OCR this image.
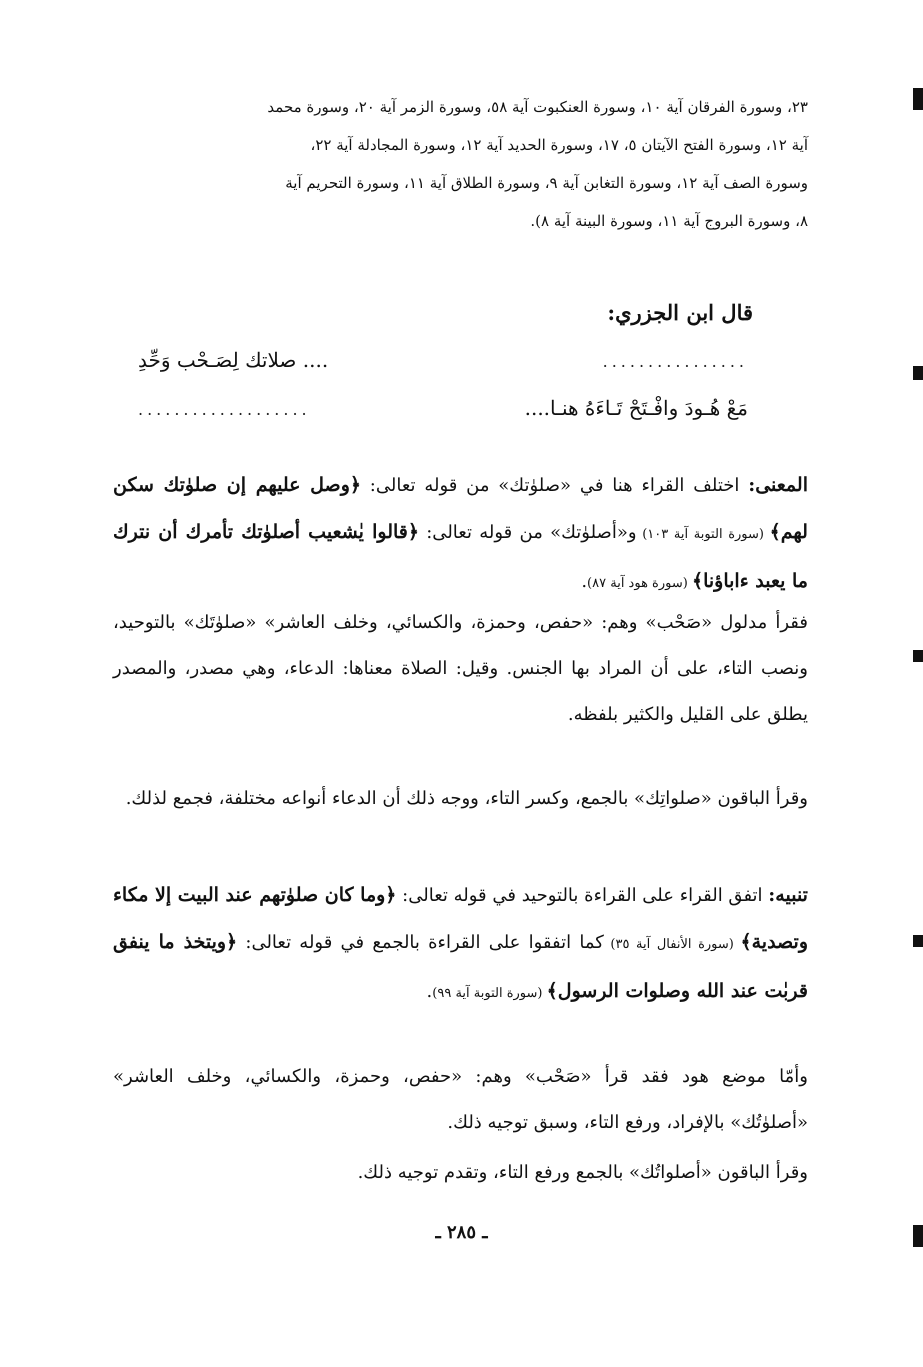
٢٣، وسورة الفرقان آية ١٠، وسورة العنكبوت آية ٥٨، وسورة الزمر آية ٢٠، وسورة محمد
آية ١٢، وسورة الفتح الآيتان ٥، ١٧، وسورة الحديد آية ١٢، وسورة المجادلة آية ٢٢،
وسورة الصف آية ١٢، وسورة التغابن آية ٩، وسورة الطلاق آية ١١، وسورة التحريم آية
٨، وسورة البروج آية ١١، وسورة البينة آية ٨).
قال ابن الجزري:
................
.... صلاتك لِصَـحْب وَحِّدِ
مَعْ هُـودَ وافْـتَحْ تَـاءَهُ هنـا....
...................

المعنى: اختلف القراء هنا في «صلوٰتك» من قوله تعالى: ﴿وصل عليهم إن صلوٰتك سكن لهم﴾ (سورة التوبة آية ١٠٣) و«أصلوٰتك» من قوله تعالى: ﴿قالوا يٰشعيب أصلوٰتك تأمرك أن نترك ما يعبد ءاباؤنا﴾ (سورة هود آية ٨٧).

فقرأ مدلول «صَحْب» وهم: «حفص، وحمزة، والكسائي، وخلف العاشر» «صلوٰتَك» بالتوحيد، ونصب التاء، على أن المراد بها الجنس. وقيل: الصلاة معناها: الدعاء، وهي مصدر، والمصدر يطلق على القليل والكثير بلفظه.

وقرأ الباقون «صلواتِك» بالجمع، وكسر التاء، ووجه ذلك أن الدعاء أنواعه مختلفة، فجمع لذلك.

تنبيه: اتفق القراء على القراءة بالتوحيد في قوله تعالى: ﴿وما كان صلوٰتهم عند البيت إلا مكاء وتصدية﴾ (سورة الأنفال آية ٣٥) كما اتفقوا على القراءة بالجمع في قوله تعالى: ﴿ويتخذ ما ينفق قربٰت عند الله وصلوات الرسول﴾ (سورة التوبة آية ٩٩).

وأمّا موضع هود فقد قرأ «صَحْب» وهم: «حفص، وحمزة، والكسائي، وخلف العاشر» «أصلوٰتُك» بالإفراد، ورفع التاء، وسبق توجيه ذلك.

وقرأ الباقون «أصلواتُك» بالجمع ورفع التاء، وتقدم توجيه ذلك.

ـ ٢٨٥ ـ
